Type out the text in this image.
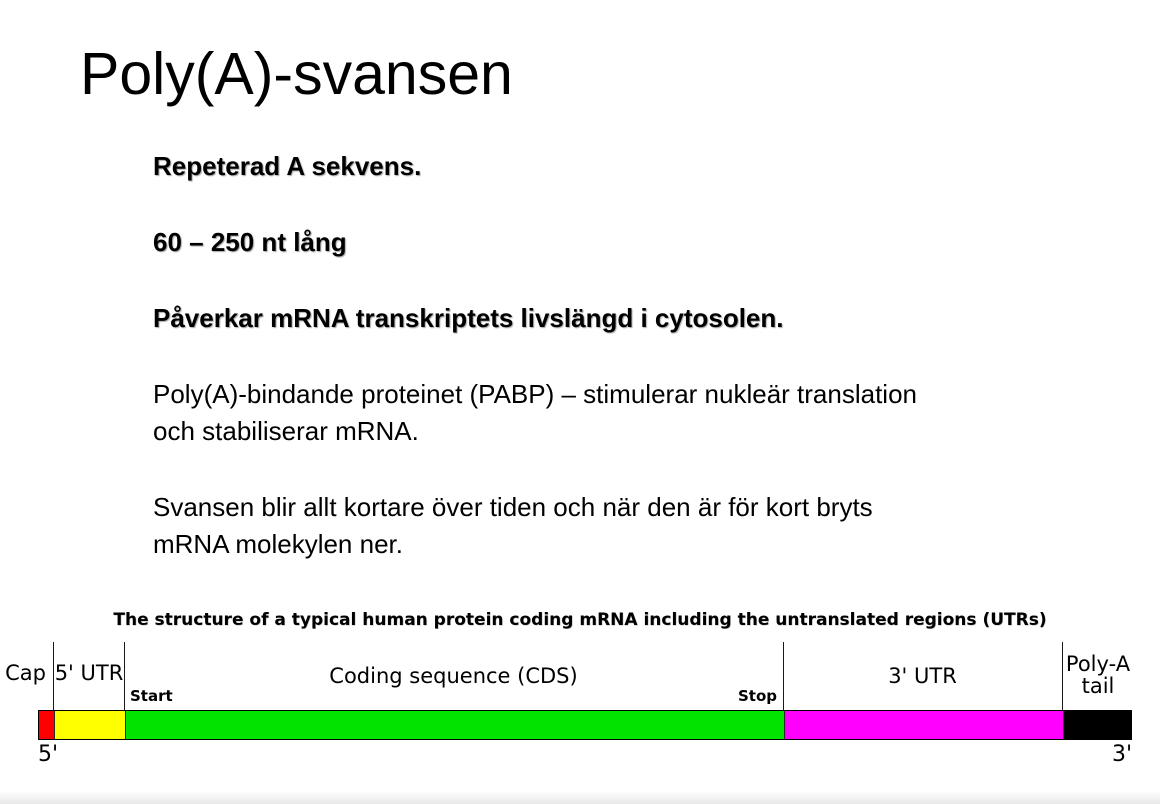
Poly(A)-svansen

Repeterad A sekvens.

60 – 250 nt lång

Påverkar mRNA transkriptets livslängd i cytosolen.

Poly(A)-bindande proteinet (PABP) – stimulerar nukleär translation
och stabiliserar mRNA.

Svansen blir allt kortare över tiden och när den är för kort bryts
mRNA molekylen ner.

The structure of a typical human protein coding mRNA including the untranslated regions (UTRs)
Cap 5' UTR	Coding sequence (CDS)	3' UTR	Poly-A
tail
Start	Stop
5'	3'
